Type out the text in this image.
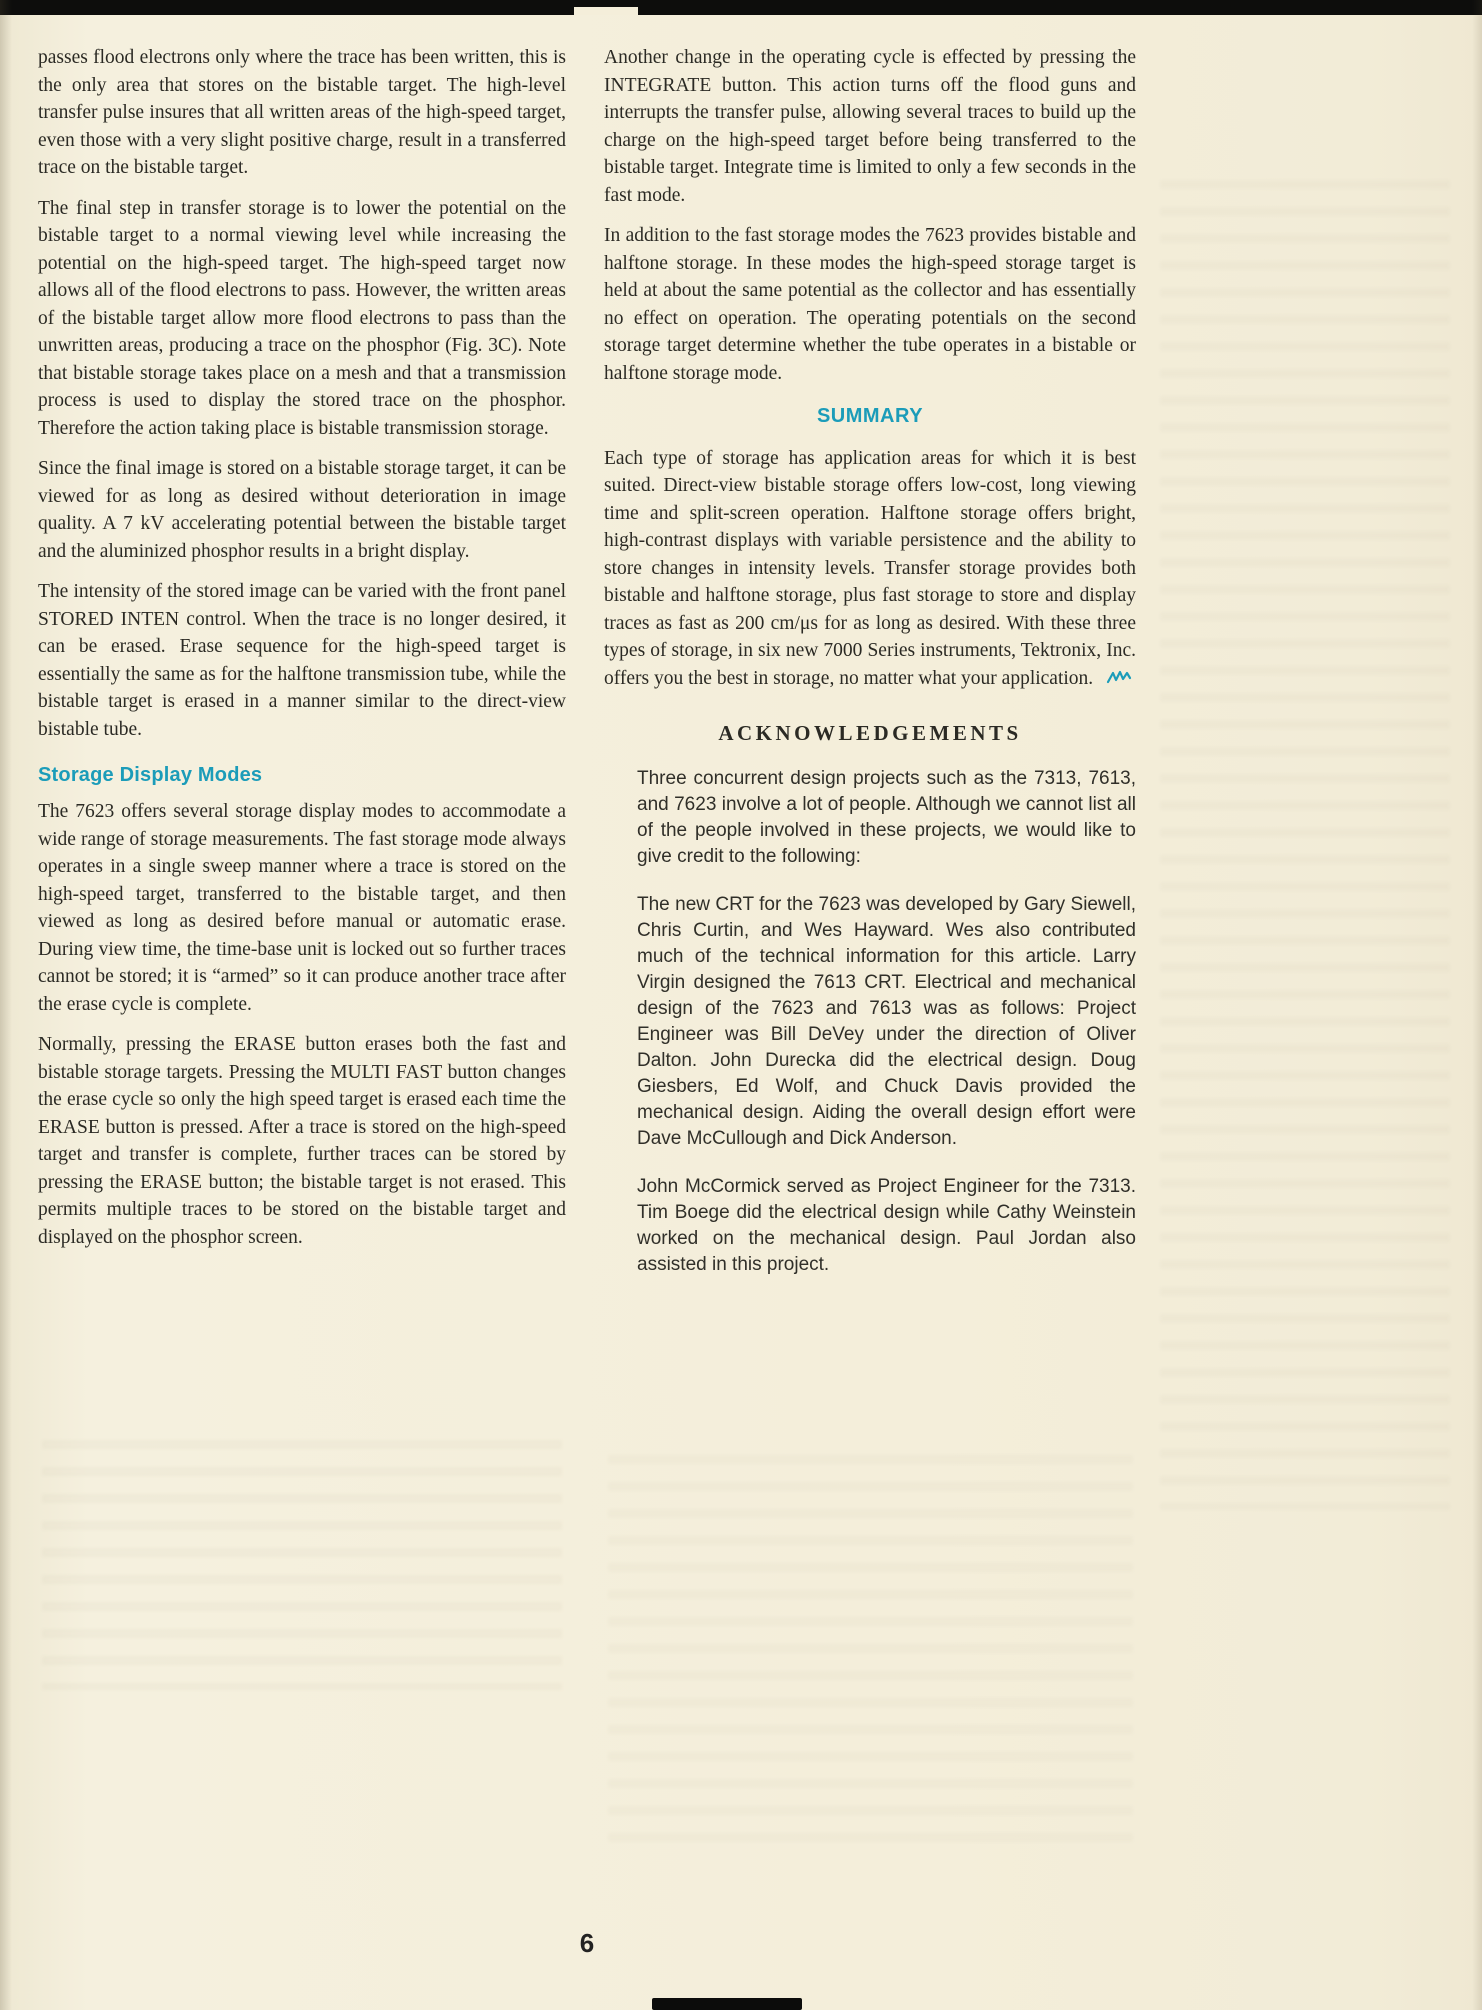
passes flood electrons only where the trace has been written, this is the only area that stores on the bistable target. The high-level transfer pulse insures that all written areas of the high-speed target, even those with a very slight positive charge, result in a transferred trace on the bistable target.

The final step in transfer storage is to lower the potential on the bistable target to a normal viewing level while increasing the potential on the high-speed target. The high-speed target now allows all of the flood electrons to pass. However, the written areas of the bistable target allow more flood electrons to pass than the unwritten areas, producing a trace on the phosphor (Fig. 3C). Note that bistable storage takes place on a mesh and that a transmission process is used to display the stored trace on the phosphor. Therefore the action taking place is bistable transmission storage.

Since the final image is stored on a bistable storage target, it can be viewed for as long as desired without deterioration in image quality. A 7 kV accelerating potential between the bistable target and the aluminized phosphor results in a bright display.

The intensity of the stored image can be varied with the front panel STORED INTEN control. When the trace is no longer desired, it can be erased. Erase sequence for the high-speed target is essentially the same as for the halftone transmission tube, while the bistable target is erased in a manner similar to the direct-view bistable tube.

Storage Display Modes

The 7623 offers several storage display modes to accommodate a wide range of storage measurements. The fast storage mode always operates in a single sweep manner where a trace is stored on the high-speed target, transferred to the bistable target, and then viewed as long as desired before manual or automatic erase. During view time, the time-base unit is locked out so further traces cannot be stored; it is “armed” so it can produce another trace after the erase cycle is complete.

Normally, pressing the ERASE button erases both the fast and bistable storage targets. Pressing the MULTI FAST button changes the erase cycle so only the high speed target is erased each time the ERASE button is pressed. After a trace is stored on the high-speed target and transfer is complete, further traces can be stored by pressing the ERASE button; the bistable target is not erased. This permits multiple traces to be stored on the bistable target and displayed on the phosphor screen.

Another change in the operating cycle is effected by pressing the INTEGRATE button. This action turns off the flood guns and interrupts the transfer pulse, allowing several traces to build up the charge on the high-speed target before being transferred to the bistable target. Integrate time is limited to only a few seconds in the fast mode.

In addition to the fast storage modes the 7623 provides bistable and halftone storage. In these modes the high-speed storage target is held at about the same potential as the collector and has essentially no effect on operation. The operating potentials on the second storage target determine whether the tube operates in a bistable or halftone storage mode.

SUMMARY

Each type of storage has application areas for which it is best suited. Direct-view bistable storage offers low-cost, long viewing time and split-screen operation. Halftone storage offers bright, high-contrast displays with variable persistence and the ability to store changes in intensity levels. Transfer storage provides both bistable and halftone storage, plus fast storage to store and display traces as fast as 200 cm/μs for as long as desired. With these three types of storage, in six new 7000 Series instruments, Tektronix, Inc. offers you the best in storage, no matter what your application.

ACKNOWLEDGEMENTS

Three concurrent design projects such as the 7313, 7613, and 7623 involve a lot of people. Although we cannot list all of the people involved in these projects, we would like to give credit to the following:

The new CRT for the 7623 was developed by Gary Siewell, Chris Curtin, and Wes Hayward. Wes also contributed much of the technical information for this article. Larry Virgin designed the 7613 CRT. Electrical and mechanical design of the 7623 and 7613 was as follows: Project Engineer was Bill DeVey under the direction of Oliver Dalton. John Durecka did the electrical design. Doug Giesbers, Ed Wolf, and Chuck Davis provided the mechanical design. Aiding the overall design effort were Dave McCullough and Dick Anderson.

John McCormick served as Project Engineer for the 7313. Tim Boege did the electrical design while Cathy Weinstein worked on the mechanical design. Paul Jordan also assisted in this project.

6
